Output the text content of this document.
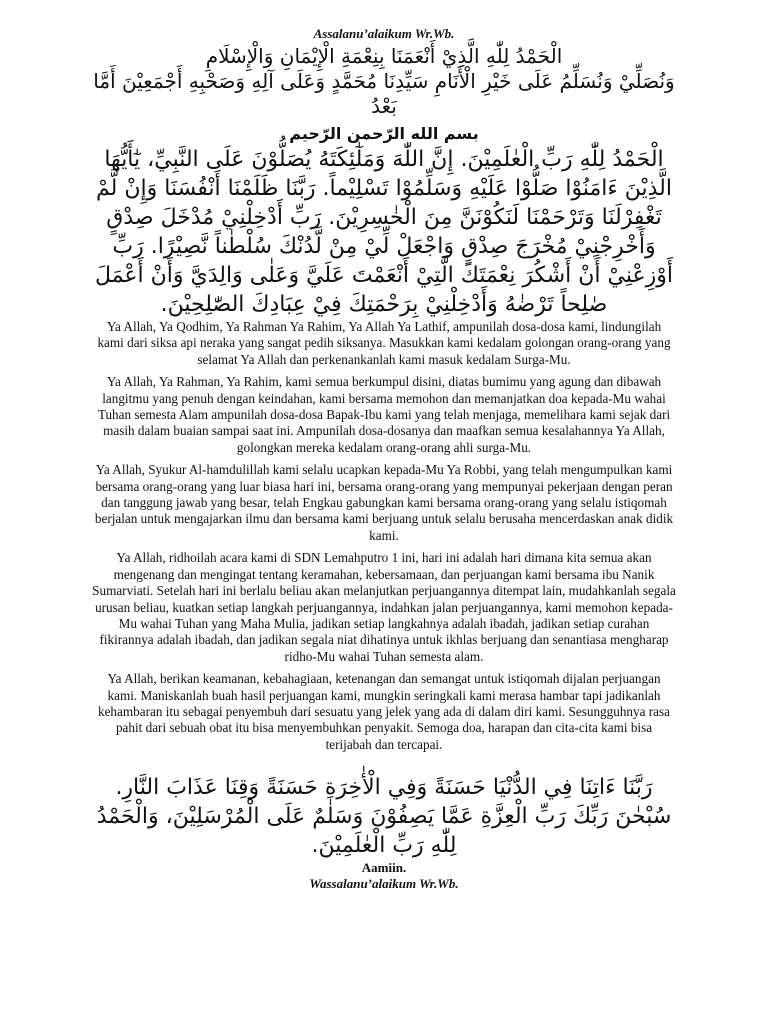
Assalanu’alaikum Wr.Wb.

الْحَمْدُ لِلّٰهِ الَّذِيْ أَنْعَمَنَا بِنِعْمَةِ الْإِيْمَانِ وَالْإِسْلَامِ

وَنُصَلِّيْ وَنُسَلِّمُ عَلَى خَيْرِ الْأَنَامِ سَيِّدِنَا مُحَمَّدٍ وَعَلَى آلِهِ وَصَحْبِهِ أَجْمَعِيْنَ أَمَّا بَعْدُ

بسم الله الرّحمن الرّحيم

الْحَمْدُ لِلّٰهِ رَبِّ الْعٰلَمِيْنَ. إِنَّ اللّٰهَ وَمَلٰٓئِكَتَهُ يُصَلُّوْنَ عَلَى النَّبِيِّ، يٰٓأَيُّهَا الَّذِيْنَ ءَامَنُوْا صَلُّوْا عَلَيْهِ وَسَلِّمُوْا تَسْلِيْماً. رَبَّنَا ظَلَمْنَا أَنْفُسَنَا وَإِنْ لَّمْ تَغْفِرْلَنَا وَتَرْحَمْنَا لَنَكُوْنَنَّ مِنَ الْخٰسِرِيْنَ. رَبِّ أَدْخِلْنِيْ مُدْخَلَ صِدْقٍ وَأَخْرِجْنِيْ مُخْرَجَ صِدْقٍ وَاجْعَلْ لِّيْ مِنْ لَّدُنْكَ سُلْطٰناً نَّصِيْرًا. رَبِّ أَوْزِعْنِيْ أَنْ أَشْكُرَ نِعْمَتَكَ الَّتِيْ أَنْعَمْتَ عَلَيَّ وَعَلٰى وَالِدَيَّ وَأَنْ أَعْمَلَ صٰلِحاً تَرْضٰهُ وَأَدْخِلْنِيْ بِرَحْمَتِكَ فِيْ عِبَادِكَ الصّٰلِحِيْنَ.

Ya Allah, Ya Qodhim, Ya Rahman Ya Rahim, Ya Allah Ya Lathif, ampunilah dosa-dosa kami, lindungilah kami dari siksa api neraka yang sangat pedih siksanya. Masukkan kami kedalam golongan orang-orang yang selamat Ya Allah dan perkenankanlah kami masuk kedalam Surga-Mu.

Ya Allah, Ya Rahman, Ya Rahim, kami semua berkumpul disini, diatas bumimu yang agung dan dibawah langitmu yang penuh dengan keindahan, kami bersama memohon dan memanjatkan doa kepada-Mu wahai Tuhan semesta Alam ampunilah dosa-dosa Bapak-Ibu kami yang telah menjaga, memelihara kami sejak dari masih dalam buaian sampai saat ini. Ampunilah dosa-dosanya dan maafkan semua kesalahannya Ya Allah, golongkan mereka kedalam orang-orang ahli surga-Mu.

Ya Allah, Syukur Al-hamdulillah kami selalu ucapkan kepada-Mu Ya Robbi, yang telah mengumpulkan kami bersama orang-orang yang luar biasa hari ini, bersama orang-orang yang mempunyai pekerjaan dengan peran dan tanggung jawab yang besar, telah Engkau gabungkan kami bersama orang-orang yang selalu istiqomah berjalan untuk mengajarkan ilmu dan bersama kami berjuang untuk selalu berusaha mencerdaskan anak didik kami.

Ya Allah, ridhoilah acara kami di SDN Lemahputro 1 ini, hari ini adalah hari dimana kita semua akan mengenang dan mengingat tentang keramahan, kebersamaan, dan perjuangan kami bersama ibu Nanik Sumarviati. Setelah hari ini berlalu beliau akan melanjutkan perjuangannya ditempat lain, mudahkanlah segala urusan beliau, kuatkan setiap langkah perjuangannya, indahkan jalan perjuangannya, kami memohon kepada-Mu wahai Tuhan yang Maha Mulia, jadikan setiap langkahnya adalah ibadah, jadikan setiap curahan fikirannya adalah ibadah, dan jadikan segala niat dihatinya untuk ikhlas berjuang dan senantiasa mengharap ridho-Mu wahai Tuhan semesta alam.

Ya Allah, berikan keamanan, kebahagiaan, ketenangan dan semangat untuk istiqomah dijalan perjuangan kami. Maniskanlah buah hasil perjuangan kami, mungkin seringkali kami merasa hambar tapi jadikanlah kehambaran itu sebagai penyembuh dari sesuatu yang jelek yang ada di dalam diri kami. Sesungguhnya rasa pahit dari sebuah obat itu bisa menyembuhkan penyakit. Semoga doa, harapan dan cita-cita kami bisa terijabah dan tercapai.

رَبَّنَا ءَاتِنَا فِي الدُّنْيَا حَسَنَةً وَفِي الْأٰخِرَةِ حَسَنَةً وَقِنَا عَذَابَ النَّارِ. سُبْحٰنَ رَبِّكَ رَبِّ الْعِزَّةِ عَمَّا يَصِفُوْنَ وَسَلٰمٌ عَلَى الْمُرْسَلِيْنَ، وَالْحَمْدُ لِلّٰهِ رَبِّ الْعٰلَمِيْنَ.

Aamiin.

Wassalanu’alaikum Wr.Wb.
